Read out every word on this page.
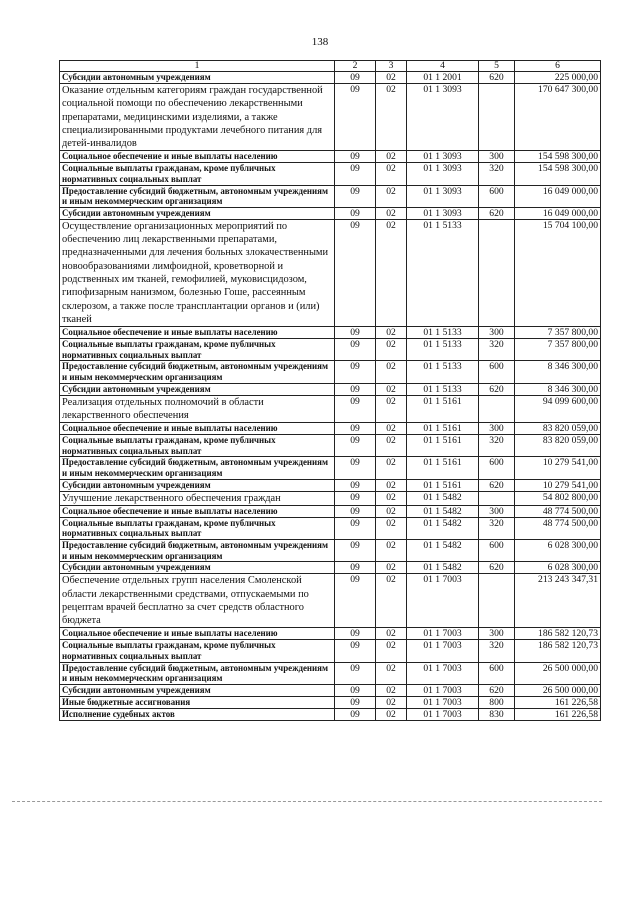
138
1	2	3	4	5	6
Субсидии автономным учреждениям	09	02	01 1 2001	620	225 000,00
Оказание отдельным категориям граждан государственной социальной помощи по обеспечению лекарственными препаратами, медицинскими изделиями, а также специализированными продуктами лечебного питания для детей-инвалидов	09	02	01 1 3093		170 647 300,00
Социальное обеспечение и иные выплаты населению	09	02	01 1 3093	300	154 598 300,00
Социальные выплаты гражданам, кроме публичных нормативных социальных выплат	09	02	01 1 3093	320	154 598 300,00
Предоставление субсидий бюджетным, автономным учреждениям и иным некоммерческим организациям	09	02	01 1 3093	600	16 049 000,00
Субсидии автономным учреждениям	09	02	01 1 3093	620	16 049 000,00
Осуществление организационных мероприятий по обеспечению лиц лекарственными препаратами, предназначенными для лечения больных злокачественными новообразованиями лимфоидной, кроветворной и родственных им тканей, гемофилией, муковисцидозом, гипофизарным нанизмом, болезнью Гоше, рассеянным склерозом, а также после трансплантации органов и (или) тканей	09	02	01 1 5133		15 704 100,00
Социальное обеспечение и иные выплаты населению	09	02	01 1 5133	300	7 357 800,00
Социальные выплаты гражданам, кроме публичных нормативных социальных выплат	09	02	01 1 5133	320	7 357 800,00
Предоставление субсидий бюджетным, автономным учреждениям и иным некоммерческим организациям	09	02	01 1 5133	600	8 346 300,00
Субсидии автономным учреждениям	09	02	01 1 5133	620	8 346 300,00
Реализация отдельных полномочий в области лекарственного обеспечения	09	02	01 1 5161		94 099 600,00
Социальное обеспечение и иные выплаты населению	09	02	01 1 5161	300	83 820 059,00
Социальные выплаты гражданам, кроме публичных нормативных социальных выплат	09	02	01 1 5161	320	83 820 059,00
Предоставление субсидий бюджетным, автономным учреждениям и иным некоммерческим организациям	09	02	01 1 5161	600	10 279 541,00
Субсидии автономным учреждениям	09	02	01 1 5161	620	10 279 541,00
Улучшение лекарственного обеспечения граждан	09	02	01 1 5482		54 802 800,00
Социальное обеспечение и иные выплаты населению	09	02	01 1 5482	300	48 774 500,00
Социальные выплаты гражданам, кроме публичных нормативных социальных выплат	09	02	01 1 5482	320	48 774 500,00
Предоставление субсидий бюджетным, автономным учреждениям и иным некоммерческим организациям	09	02	01 1 5482	600	6 028 300,00
Субсидии автономным учреждениям	09	02	01 1 5482	620	6 028 300,00
Обеспечение отдельных групп населения Смоленской области лекарственными средствами, отпускаемыми по рецептам врачей бесплатно за счет средств областного бюджета	09	02	01 1 7003		213 243 347,31
Социальное обеспечение и иные выплаты населению	09	02	01 1 7003	300	186 582 120,73
Социальные выплаты гражданам, кроме публичных нормативных социальных выплат	09	02	01 1 7003	320	186 582 120,73
Предоставление субсидий бюджетным, автономным учреждениям и иным некоммерческим организациям	09	02	01 1 7003	600	26 500 000,00
Субсидии автономным учреждениям	09	02	01 1 7003	620	26 500 000,00
Иные бюджетные ассигнования	09	02	01 1 7003	800	161 226,58
Исполнение судебных актов	09	02	01 1 7003	830	161 226,58
